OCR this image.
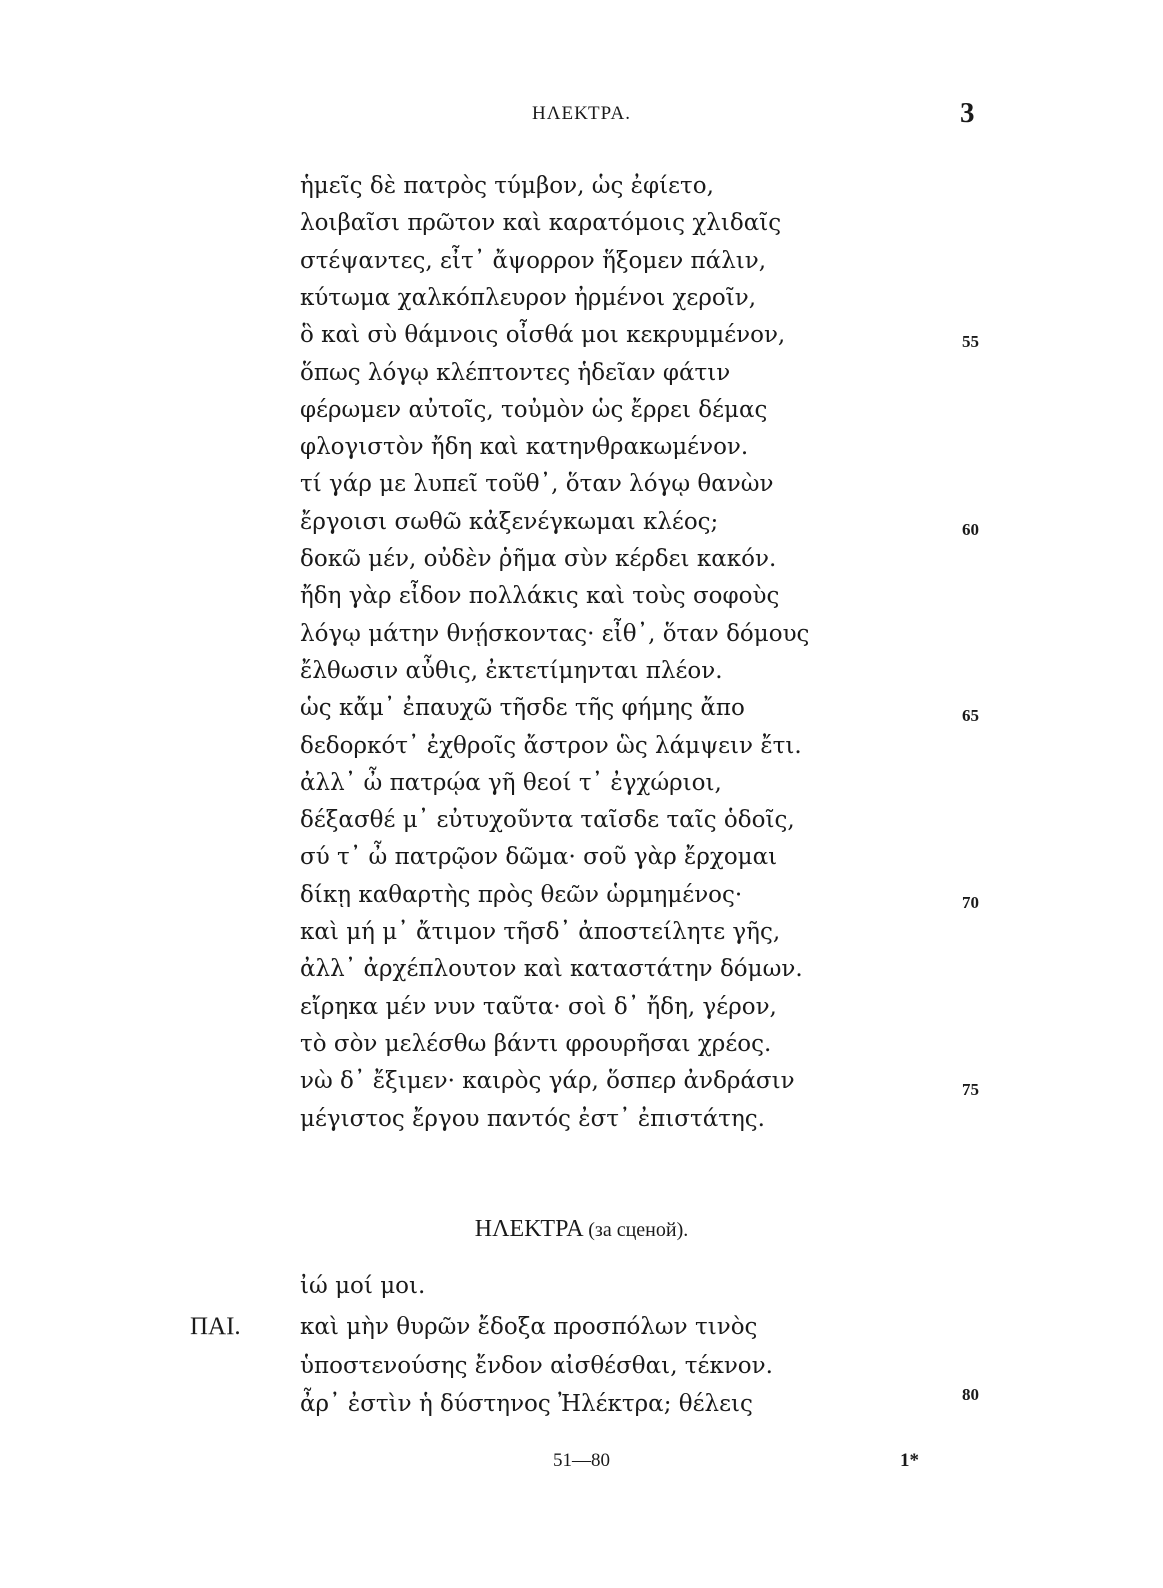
ΗΛΕΚΤΡΑ.	3
ἡμεῖς δὲ πατρὸς τύμβον, ὡς ἐφίετο,
λοιβαῖσι πρῶτον καὶ καρατόμοις χλιδαῖς
στέψαντες, εἶτ᾽ ἄψορρον ἥξομεν πάλιν,
κύτωμα χαλκόπλευρον ἠρμένοι χεροῖν,
ὃ καὶ σὺ θάμνοις οἶσθά μοι κεκρυμμένον,
ὅπως λόγῳ κλέπτοντες ἡδεῖαν φάτιν
φέρωμεν αὐτοῖς, τοὐμὸν ὡς ἔρρει δέμας
φλογιστὸν ἤδη καὶ κατηνθρακωμένον.
τί γάρ με λυπεῖ τοῦθ᾽, ὅταν λόγῳ θανὼν
ἔργοισι σωθῶ κἀξενέγκωμαι κλέος;
δοκῶ μέν, οὐδὲν ῥῆμα σὺν κέρδει κακόν.
ἤδη γὰρ εἶδον πολλάκις καὶ τοὺς σοφοὺς
λόγῳ μάτην θνῄσκοντας· εἶθ᾽, ὅταν δόμους
ἔλθωσιν αὖθις, ἐκτετίμηνται πλέον.
ὡς κἄμ᾽ ἐπαυχῶ τῆσδε τῆς φήμης ἄπο
δεδορκότ᾽ ἐχθροῖς ἄστρον ὣς λάμψειν ἔτι.
ἀλλ᾽ ὦ πατρῴα γῆ θεοί τ᾽ ἐγχώριοι,
δέξασθέ μ᾽ εὐτυχοῦντα ταῖσδε ταῖς ὁδοῖς,
σύ τ᾽ ὦ πατρῷον δῶμα· σοῦ γὰρ ἔρχομαι
δίκῃ καθαρτὴς πρὸς θεῶν ὡρμημένος·
καὶ μή μ᾽ ἄτιμον τῆσδ᾽ ἀποστείλητε γῆς,
ἀλλ᾽ ἀρχέπλουτον καὶ καταστάτην δόμων.
εἴρηκα μέν νυν ταῦτα· σοὶ δ᾽ ἤδη, γέρον,
τὸ σὸν μελέσθω βάντι φρουρῆσαι χρέος.
νὼ δ᾽ ἔξιμεν· καιρὸς γάρ, ὅσπερ ἀνδράσιν
μέγιστος ἔργου παντός ἐστ᾽ ἐπιστάτης.
55
60
65
70
75
80
ΗΛΕΚΤΡΑ (за сценой).
ἰώ μοί μοι.
καὶ μὴν θυρῶν ἔδοξα προσπόλων τινὸς
ΠΑΙ.
ὑποστενούσης ἔνδον αἰσθέσθαι, τέκνον.
ἆρ᾽ ἐστὶν ἡ δύστηνος Ἠλέκτρα; θέλεις
51—80	1*
